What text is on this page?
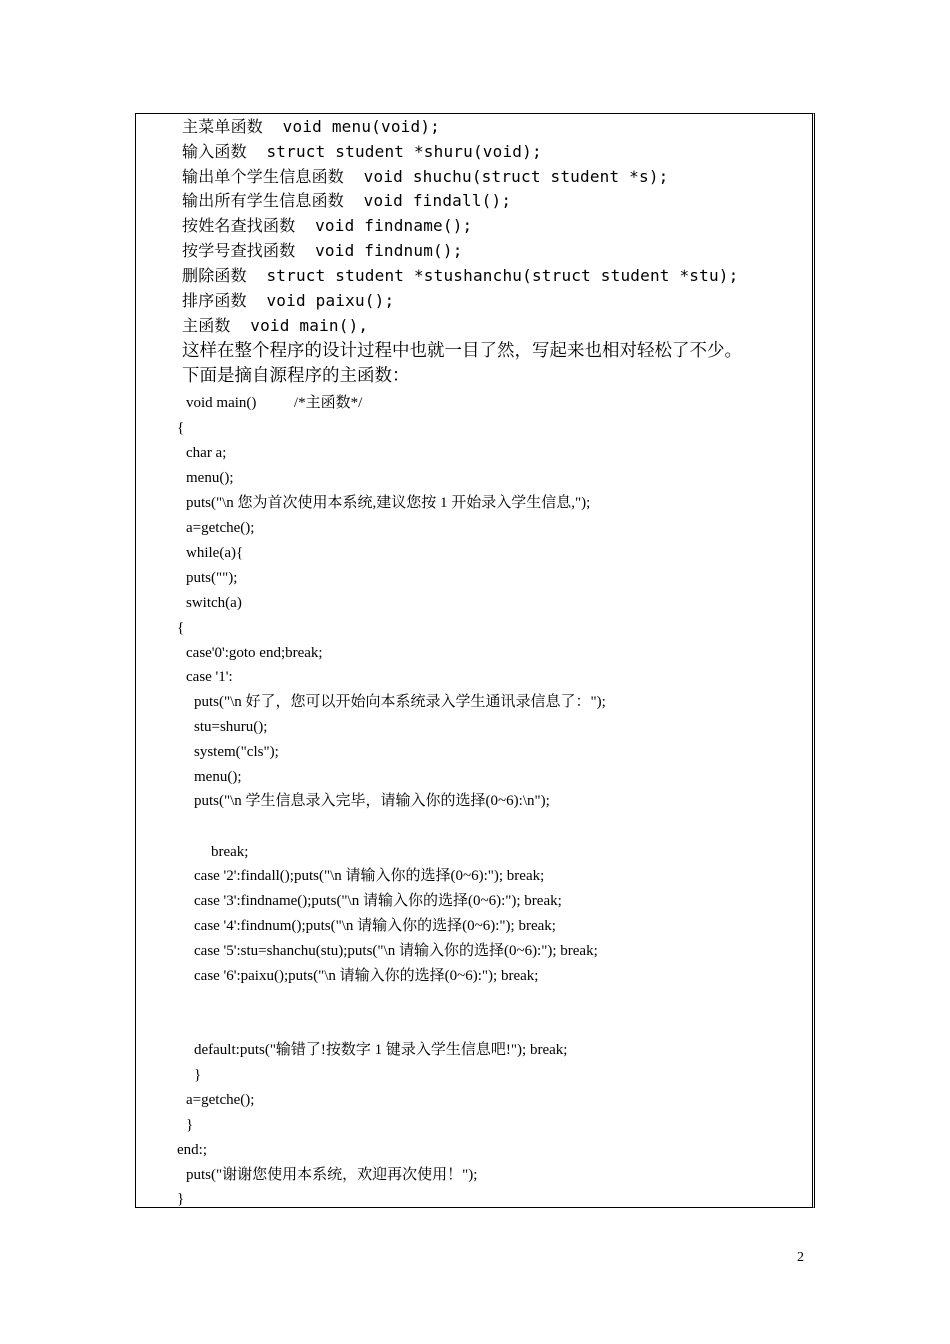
主菜单函数  void menu(void);
输入函数  struct student *shuru(void);
输出单个学生信息函数  void shuchu(struct student *s);
输出所有学生信息函数  void findall();
按姓名查找函数  void findname();
按学号查找函数  void findnum();
删除函数  struct student *stushanchu(struct student *stu);
排序函数  void paixu();
主函数  void main(),
这样在整个程序的设计过程中也就一目了然，写起来也相对轻松了不少。
下面是摘自源程序的主函数：
void main()          /*主函数*/
{
char a;
menu();
puts("\n 您为首次使用本系统,建议您按 1 开始录入学生信息,");
a=getche();
while(a){
puts("");
switch(a)
{
case'0':goto end;break;
case '1':
puts("\n 好了，您可以开始向本系统录入学生通讯录信息了：");
stu=shuru();
system("cls");
menu();
puts("\n 学生信息录入完毕，请输入你的选择(0~6):\n");
break;
case '2':findall();puts("\n 请输入你的选择(0~6):"); break;
case '3':findname();puts("\n 请输入你的选择(0~6):"); break;
case '4':findnum();puts("\n 请输入你的选择(0~6):"); break;
case '5':stu=shanchu(stu);puts("\n 请输入你的选择(0~6):"); break;
case '6':paixu();puts("\n 请输入你的选择(0~6):"); break;
default:puts("输错了!按数字 1 键录入学生信息吧!"); break;
}
a=getche();
}
end:;
puts("谢谢您使用本系统，欢迎再次使用！");
}
2
